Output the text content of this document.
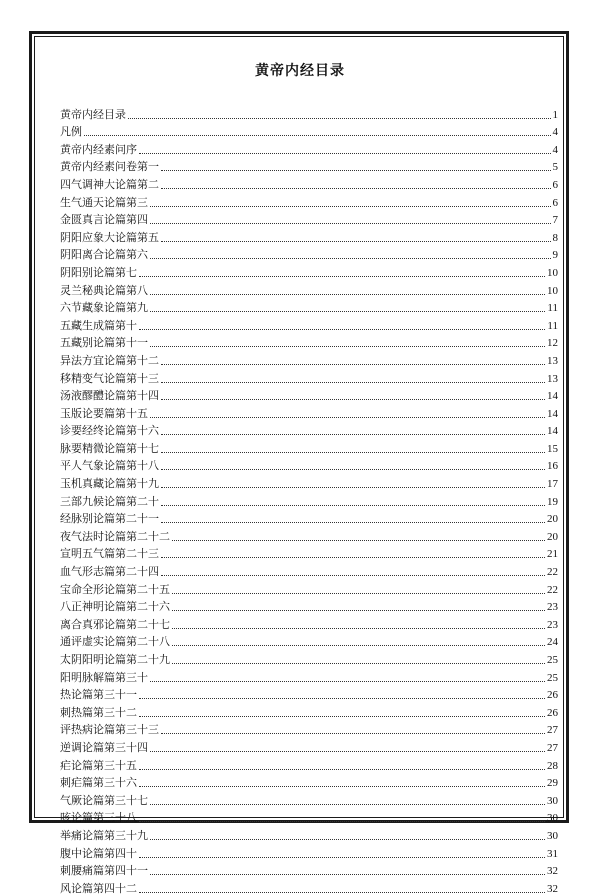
黄帝内经目录
黄帝内经目录	1
凡例	4
黄帝内经素问序	4
黄帝内经素问卷第一	5
四气调神大论篇第二	6
生气通天论篇第三	6
金匮真言论篇第四	7
阴阳应象大论篇第五	8
阴阳离合论篇第六	9
阴阳别论篇第七	10
灵兰秘典论篇第八	10
六节藏象论篇第九	11
五藏生成篇第十	11
五藏别论篇第十一	12
异法方宜论篇第十二	13
移精变气论篇第十三	13
汤液醪醴论篇第十四	14
玉版论要篇第十五	14
诊要经终论篇第十六	14
脉要精微论篇第十七	15
平人气象论篇第十八	16
玉机真藏论篇第十九	17
三部九候论篇第二十	19
经脉别论篇第二十一	20
夜气法时论篇第二十二	20
宣明五气篇第二十三	21
血气形志篇第二十四	22
宝命全形论篇第二十五	22
八正神明论篇第二十六	23
离合真邪论篇第二十七	23
通评虚实论篇第二十八	24
太阴阳明论篇第二十九	25
阳明脉解篇第三十	25
热论篇第三十一	26
刺热篇第三十二	26
评热病论篇第三十三	27
逆调论篇第三十四	27
疟论篇第三十五	28
刺疟篇第三十六	29
气厥论篇第三十七	30
咳论篇第三十八	30
举痛论篇第三十九	30
腹中论篇第四十	31
刺腰痛篇第四十一	32
风论篇第四十二	32
